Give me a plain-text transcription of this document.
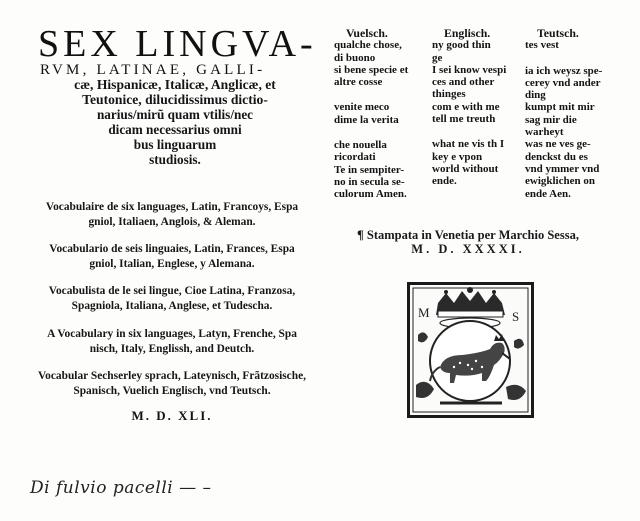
SEX LINGVA-
RVM, LATINAE, GALLI-
cæ, Hispanicæ, Italicæ, Anglicæ, et
Teutonice, dilucidissimus dictio-
narius/mirũ quam vtilis/nec
dicam necessarius omni
bus linguarum
studiosis.
Vocabulaire de six languages, Latin, Francoys, Espa
gniol, Italiaen, Anglois, & Aleman.
Vocabulario de seis linguaies, Latin, Frances, Espa
gniol, Italian, Englese, y Alemana.
Vocabulista de le sei lingue, Cioe Latina, Franzosa,
Spagniola, Italiana, Anglese, et Tudescha.
A Vocabulary in six languages, Latyn, Frenche, Spa
nisch, Italy, Englissh, and Deutch.
Vocabular Sechserley sprach, Lateynisch, Frãtzosische,
Spanisch, Vuelich Englisch, vnd Teutsch.
M. D. XLI.
Di fulvio pacelli — –
Vuelsch.
qualche chose,
di buono
si bene specie et
altre cosse
venite meco
dime la verita
che nouella
ricordati
Te in sempiter-
no in secula se-
culorum Amen.
Englisch.
ny good thin
ge
I sei know vespi
ces and other
thinges
com e with me
tell me treuth
what ne vis th I
key e vpon
world without
ende.
Teutsch.
tes vest
ia ich weysz spe-
cerey vnd ander
ding
kumpt mit mir
sag mir die
warheyt
was ne ves ge-
denckst du es
vnd ymmer vnd
ewigklichen on
ende Aen.
¶ Stampata in Venetia per Marchio Sessa,
M. D. XXXXI.
M	S
